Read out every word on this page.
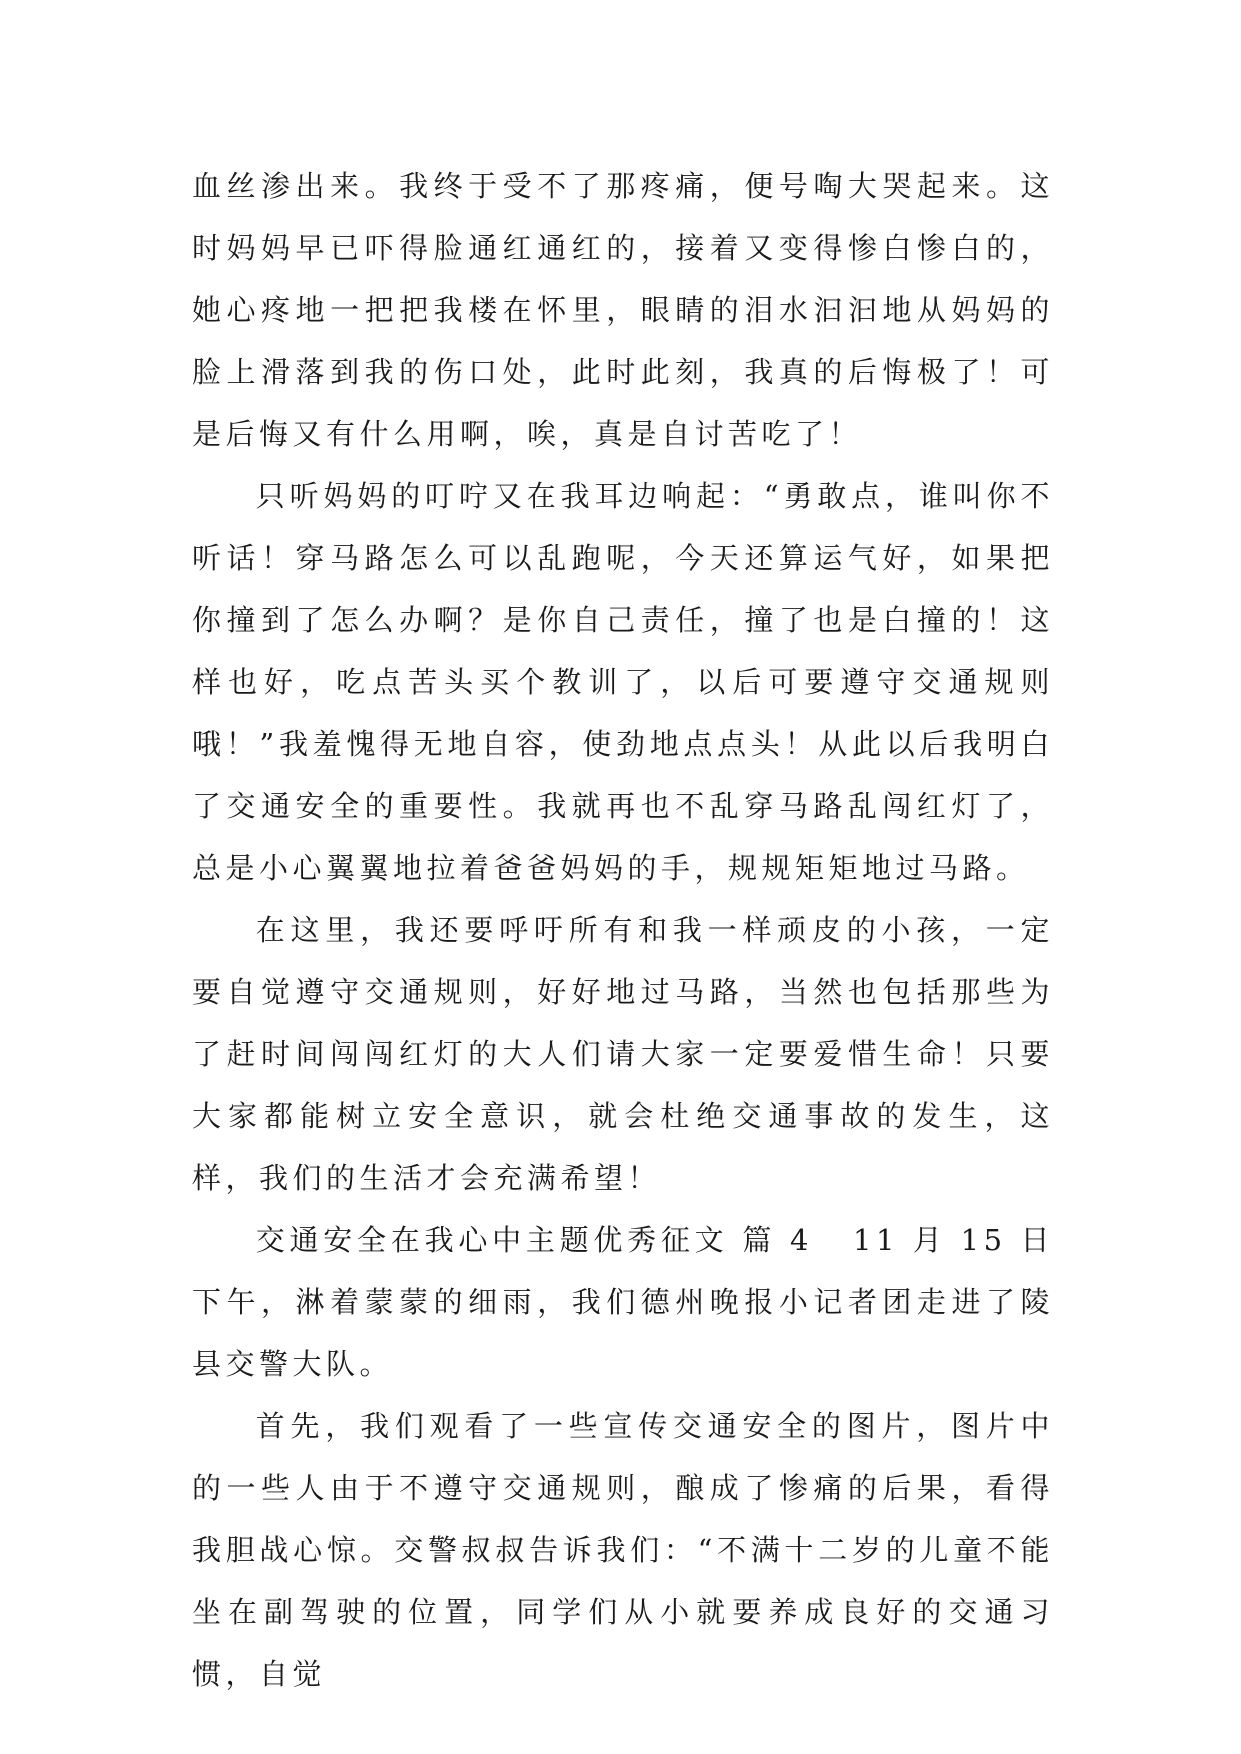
血丝渗出来。我终于受不了那疼痛，便号啕大哭起来。这时妈妈早已吓得脸通红通红的，接着又变得惨白惨白的，她心疼地一把把我楼在怀里，眼睛的泪水汩汩地从妈妈的脸上滑落到我的伤口处，此时此刻，我真的后悔极了！可是后悔又有什么用啊，唉，真是自讨苦吃了！

只听妈妈的叮咛又在我耳边响起：“勇敢点，谁叫你不听话！穿马路怎么可以乱跑呢，今天还算运气好，如果把你撞到了怎么办啊？是你自己责任，撞了也是白撞的！这样也好，吃点苦头买个教训了，以后可要遵守交通规则哦！”我羞愧得无地自容，使劲地点点头！从此以后我明白了交通安全的重要性。我就再也不乱穿马路乱闯红灯了，总是小心翼翼地拉着爸爸妈妈的手，规规矩矩地过马路。

在这里，我还要呼吁所有和我一样顽皮的小孩，一定要自觉遵守交通规则，好好地过马路，当然也包括那些为了赶时间闯闯红灯的大人们请大家一定要爱惜生命！只要大家都能树立安全意识，就会杜绝交通事故的发生，这样，我们的生活才会充满希望！

交通安全在我心中主题优秀征文 篇 4 11 月 15 日下午，淋着蒙蒙的细雨，我们德州晚报小记者团走进了陵县交警大队。

首先，我们观看了一些宣传交通安全的图片，图片中的一些人由于不遵守交通规则，酿成了惨痛的后果，看得我胆战心惊。交警叔叔告诉我们：“不满十二岁的儿童不能坐在副驾驶的位置，同学们从小就要养成良好的交通习惯，自觉
